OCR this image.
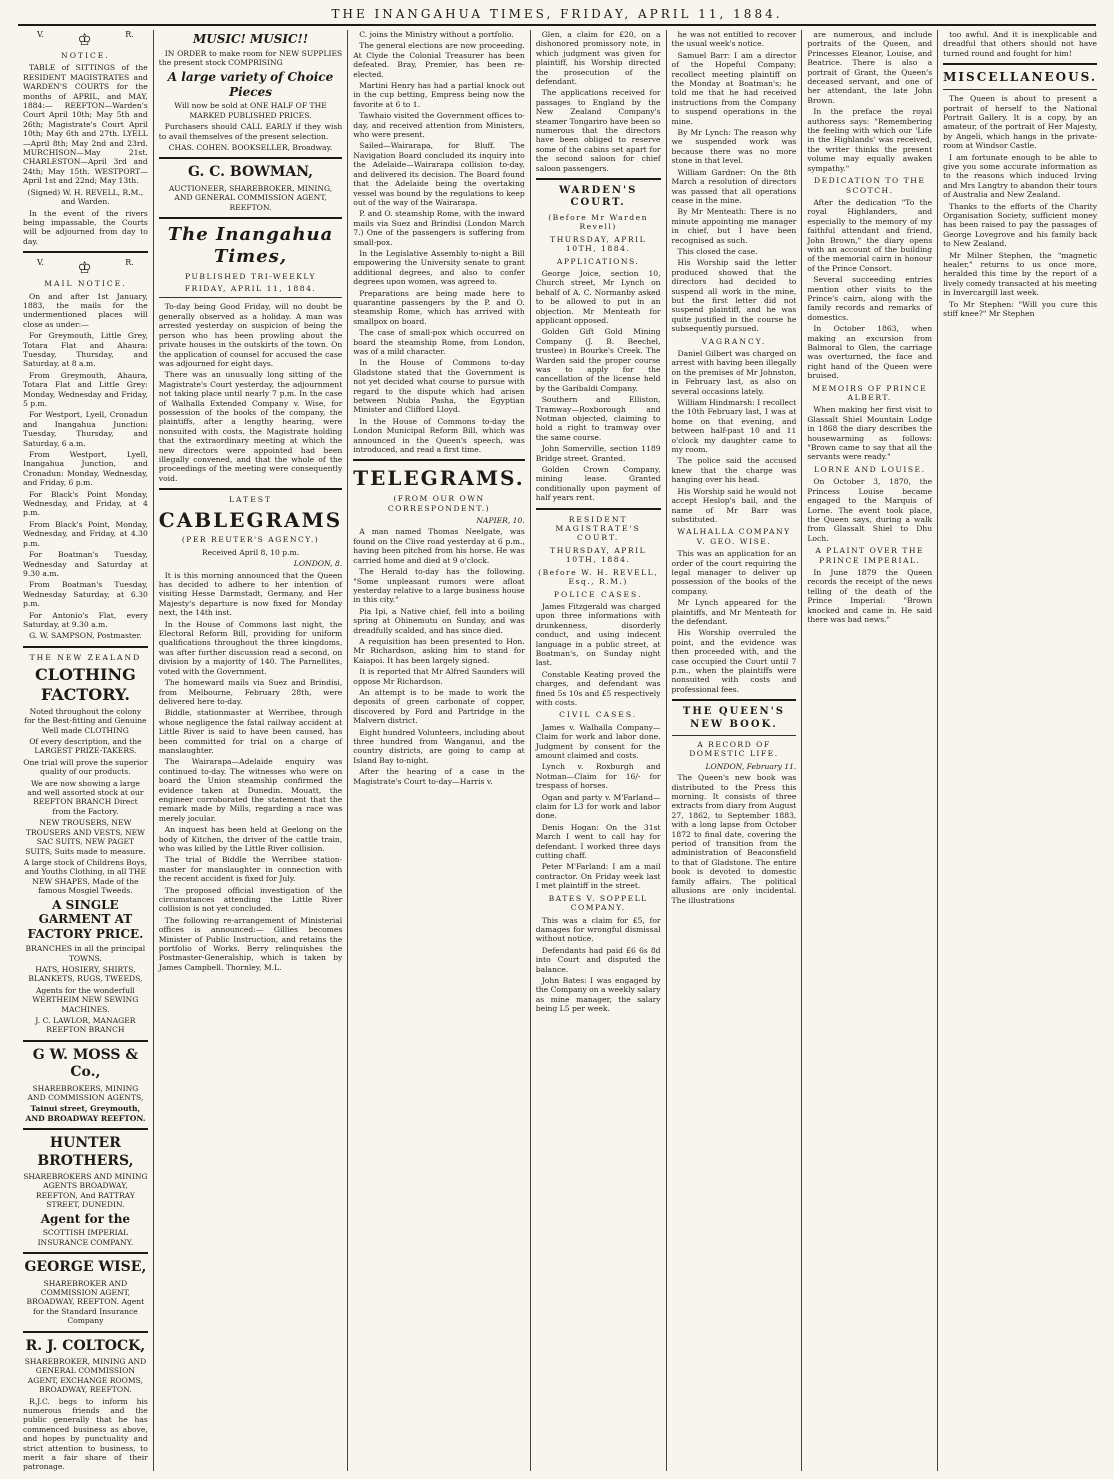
THE INANGAHUA TIMES, FRIDAY, APRIL 11, 1884.
V. ♔	R.
NOTICE.

TABLE of SITTINGS of the RESIDENT MAGISTRATES and WARDEN'S COURTS for the months of APRIL, and MAY, 1884:— REEFTON—Warden's Court April 10th; May 5th and 26th; Magistrate's Court April 10th; May 6th and 27th. LYELL—April 8th; May 2nd and 23rd. MURCHISON—May 21st. CHARLESTON—April 3rd and 24th; May 15th. WESTPORT—April 1st and 22nd; May 13th.

(Signed) W. H. REVELL, R.M., and Warden.

In the event of the rivers being impassable, the Courts will be adjourned from day to day.

V. ♔	R.
MAIL NOTICE.

On and after 1st January, 1883, the mails for the undermentioned places will close as under:—

For Greymouth, Little Grey, Totara Flat and Ahaura: Tuesday, Thursday, and Saturday, at 8 a.m.

From Greymouth, Ahaura, Totara Flat and Little Grey: Monday, Wednesday and Friday, 5 p.m.

For Westport, Lyell, Cronadun and Inangahua Junction: Tuesday, Thursday, and Saturday, 6 a.m.

From Westport, Lyell, Inangahua Junction, and Cronadun: Monday, Wednesday, and Friday, 6 p.m.

For Black's Point Monday, Wednesday, and Friday, at 4 p.m.

From Black's Point, Monday, Wednesday, and Friday, at 4.30 p.m.

For Boatman's Tuesday, Wednesday and Saturday at 9.30 a.m.

From Boatman's Tuesday, Wednesday Saturday, at 6.30 p.m.

For Antonio's Flat, every Saturday, at 9.30 a.m.

G. W. SAMPSON, Postmaster.

THE NEW ZEALAND
CLOTHING FACTORY.

Noted throughout the colony for the Best-fitting and Genuine Well made CLOTHING

Of every description, and the LARGEST PRIZE-TAKERS.

One trial will prove the superior quality of our products.

We are now showing a large and well assorted stock at our REEFTON BRANCH Direct from the Factory.

NEW TROUSERS, NEW TROUSERS AND VESTS, NEW SAC SUITS, NEW PAGET SUITS, Suits made to measure.

A large stock of Childrens Boys, and Youths Clothing, in all THE NEW SHAPES, Made of the famous Mosgiel Tweeds.

A SINGLE GARMENT AT FACTORY PRICE.

BRANCHES in all the principal TOWNS.

HATS, HOSIERY, SHIRTS, BLANKETS, RUGS, TWEEDS,

Agents for the wonderfull WERTHEIM NEW SEWING MACHINES.

J. C. LAWLOR, MANAGER REEFTON BRANCH

G W. MOSS & Co.,

SHAREBROKERS, MINING AND COMMISSION AGENTS,

Tainui street, Greymouth, AND BROADWAY REEFTON.

HUNTER BROTHERS,

SHAREBROKERS AND MINING AGENTS BROADWAY, REEFTON, And RATTRAY STREET, DUNEDIN.

Agent for the

SCOTTISH IMPERIAL INSURANCE COMPANY.

GEORGE WISE,

SHAREBROKER AND COMMISSION AGENT, BROADWAY, REEFTON. Agent for the Standard Insurance Company

R. J. COLTOCK,

SHAREBROKER, MINING AND GENERAL COMMISSION AGENT, EXCHANGE ROOMS, BROADWAY, REEFTON.

R.J.C. begs to inform his numerous friends and the public generally that he has commenced business as above, and hopes by punctuality and strict attention to business, to merit a fair share of their patronage.

MUSIC! MUSIC!!

IN ORDER to make room for NEW SUPPLIES the present stock COMPRISING

A large variety of Choice Pieces

Will now be sold at ONE HALF OF THE MARKED PUBLISHED PRICES.

Purchasers should CALL EARLY if they wish to avail themselves of the present selection.

CHAS. COHEN. BOOKSELLER, Broadway.

G. C. BOWMAN,

AUCTIONEER, SHAREBROKER, MINING, AND GENERAL COMMISSION AGENT, REEFTON.

The Inangahua Times,
PUBLISHED TRI-WEEKLY
FRIDAY, APRIL 11, 1884.

To-day being Good Friday, will no doubt be generally observed as a holiday. A man was arrested yesterday on suspicion of being the person who has been prowling about the private houses in the outskirts of the town. On the application of counsel for accused the case was adjourned for eight days.

There was an unusually long sitting of the Magistrate's Court yesterday, the adjournment not taking place until nearly 7 p.m. In the case of Walhalla Extended Company v. Wise, for possession of the books of the company, the plaintiffs, after a lengthy hearing, were nonsuited with costs, the Magistrate holding that the extraordinary meeting at which the new directors were appointed had been illegally convened, and that the whole of the proceedings of the meeting were consequently void.

LATEST
CABLEGRAMS
(PER REUTER'S AGENCY.)

Received April 8, 10 p.m.

LONDON, 8.

It is this morning announced that the Queen has decided to adhere to her intention of visiting Hesse Darmstadt, Germany, and Her Majesty's departure is now fixed for Monday next, the 14th inst.

In the House of Commons last night, the Electoral Reform Bill, providing for uniform qualifications throughout the three kingdoms, was after further discussion read a second, on division by a majority of 140. The Parnellites, voted with the Government.

The homeward mails via Suez and Brindisi, from Melbourne, February 28th, were delivered here to-day.

Biddle, stationmaster at Werribee, through whose negligence the fatal railway accident at Little River is said to have been caused, has been committed for trial on a charge of manslaughter.

The Wairarapa—Adelaide enquiry was continued to-day. The witnesses who were on board the Union steamship confirmed the evidence taken at Dunedin. Mouatt, the engineer corroborated the statement that the remark made by Mills, regarding a race was merely jocular.

An inquest has been held at Geelong on the body of Kitchen, the driver of the cattle train, who was killed by the Little River collision.

The trial of Biddle the Werribee station-master for manslaughter in connection with the recent accident is fixed for July.

The proposed official investigation of the circumstances attending the Little River collision is not yet concluded.

The following re-arrangement of Ministerial offices is announced:— Gillies becomes Minister of Public Instruction, and retains the portfolio of Works. Berry relinquishes the Postmaster-Generalship, which is taken by James Campbell. Thornley, M.L.

C. joins the Ministry without a portfolio.

The general elections are now proceeding. At Clyde the Colonial Treasurer has been defeated. Bray, Premier, has been re-elected.

Martini Henry has had a partial knock out in the cup betting, Empress being now the favorite at 6 to 1.

Tawhaio visited the Government offices to-day, and received attention from Ministers, who were present.

Sailed—Wairarapa, for Bluff. The Navigation Board concluded its inquiry into the Adelaide—Wairarapa collision to-day, and delivered its decision. The Board found that the Adelaide being the overtaking vessel was bound by the regulations to keep out of the way of the Wairarapa.

P. and O. steamship Rome, with the inward mails via Suez and Brindisi (London March 7.) One of the passengers is suffering from small-pox.

In the Legislative Assembly to-night a Bill empowering the University senate to grant additional degrees, and also to confer degrees upon women, was agreed to.

Preparations are being made here to quarantine passengers by the P. and O. steamship Rome, which has arrived with smallpox on board.

The case of small-pox which occurred on board the steamship Rome, from London, was of a mild character.

In the House of Commons to-day Gladstone stated that the Government is not yet decided what course to pursue with regard to the dispute which had arisen between Nubia Pasha, the Egyptian Minister and Clifford Lloyd.

In the House of Commons to-day the London Municipal Reform Bill, which was announced in the Queen's speech, was introduced, and read a first time.

TELEGRAMS.
(FROM OUR OWN CORRESPONDENT.)

NAPIER, 10.

A man named Thomas Neelgate, was found on the Clive road yesterday at 6 p.m., having been pitched from his horse. He was carried home and died at 9 o'clock.

The Herald to-day has the following. "Some unpleasant rumors were afloat yesterday relative to a large business house in this city."

Pia Ipi, a Native chief, fell into a boiling spring at Ohinemutu on Sunday, and was dreadfully scalded, and has since died.

A requisition has been presented to Hon. Mr Richardson, asking him to stand for Kaiapoi. It has been largely signed.

It is reported that Mr Alfred Saunders will oppose Mr Richardson.

An attempt is to be made to work the deposits of green carbonate of copper, discovered by Ford and Partridge in the Malvern district.

Eight hundred Volunteers, including about three hundred from Wanganui, and the country districts, are going to camp at Island Bay to-night.

After the hearing of a case in the Magistrate's Court to-day—Harris v.

Glen, a claim for £20, on a dishonored promissory note, in which judgment was given for plaintiff, his Worship directed the prosecution of the defendant.

The applications received for passages to England by the New Zealand Company's steamer Tongariro have been so numerous that the directors have been obliged to reserve some of the cabins set apart for the second saloon for chief saloon passengers.

WARDEN'S COURT.
(Before Mr Warden Revell)
THURSDAY, APRIL 10TH, 1884.
APPLICATIONS.

George Joice, section 10, Church street, Mr Lynch on behalf of A. C. Normanby asked to be allowed to put in an objection. Mr Menteath for applicant opposed.

Golden Gift Gold Mining Company (J. B. Beechel, trustee) in Bourke's Creek. The Warden said the proper course was to apply for the cancellation of the license held by the Garibaldi Company.

Southern and Elliston, Tramway—Roxborough and Notman objected, claiming to hold a right to tramway over the same course.

John Somerville, section 1189 Bridge street. Granted.

Golden Crown Company, mining lease. Granted conditionally upon payment of half years rent.

RESIDENT MAGISTRATE'S COURT.
THURSDAY, APRIL 10TH, 1884.
(Before W. H. REVELL, Esq., R.M.)
POLICE CASES.

James Fitzgerald was charged upon three informations with drunkenness, disorderly conduct, and using indecent language in a public street, at Boatman's, on Sunday night last.

Constable Keating proved the charges, and defendant was fined 5s 10s and £5 respectively with costs.

CIVIL CASES.

James v. Walhalla Company—Claim for work and labor done. Judgment by consent for the amount claimed and costs.

Lynch v. Roxburgh and Notman—Claim for 16/- for trespass of horses.

Ogan and party v. M'Farland—claim for L3 for work and labor done.

Denis Hogan: On the 31st March I went to call hay for defendant. I worked three days cutting chaff.

Peter M'Farland: I am a mail contractor. On Friday week last I met plaintiff in the street.

BATES V. SOPPELL COMPANY.

This was a claim for £5, for damages for wrongful dismissal without notice.

Defendants had paid £6 6s 8d into Court and disputed the balance.

John Bates: I was engaged by the Company on a weekly salary as mine manager, the salary being L5 per week.

he was not entitled to recover the usual week's notice.

Samuel Barr: I am a director of the Hopeful Company; recollect meeting plaintiff on the Monday at Boatman's; he told me that he had received instructions from the Company to suspend operations in the mine.

By Mr Lynch: The reason why we suspended work was because there was no more stone in that level.

William Gardner: On the 8th March a resolution of directors was passed that all operations cease in the mine.

By Mr Menteath: There is no minute appointing me manager in chief, but I have been recognised as such.

This closed the case.

His Worship said the letter produced showed that the directors had decided to suspend all work in the mine, but the first letter did not suspend plaintiff, and he was quite justified in the course he subsequently pursued.

VAGRANCY.

Daniel Gilbert was charged on arrest with having been illegally on the premises of Mr Johnston, in February last, as also on several occasions lately.

William Hindmarsh: I recollect the 10th February last, I was at home on that evening, and between half-past 10 and 11 o'clock my daughter came to my room.

The police said the accused knew that the charge was hanging over his head.

His Worship said he would not accept Heslop's bail, and the name of Mr Barr was substituted.

WALHALLA COMPANY V. GEO. WISE.

This was an application for an order of the court requiring the legal manager to deliver up possession of the books of the company.

Mr Lynch appeared for the plaintiffs, and Mr Menteath for the defendant.

His Worship overruled the point, and the evidence was then proceeded with, and the case occupied the Court until 7 p.m., when the plaintiffs were nonsuited with costs and professional fees.

THE QUEEN'S NEW BOOK.
A RECORD OF DOMESTIC LIFE.

LONDON, February 11.

The Queen's new book was distributed to the Press this morning. It consists of three extracts from diary from August 27, 1862, to September 1883, with a long lapse from October 1872 to final date, covering the period of transition from the administration of Beaconsfield to that of Gladstone. The entire book is devoted to domestic family affairs. The political allusions are only incidental. The illustrations

are numerous, and include portraits of the Queen, and Princesses Eleanor, Louise, and Beatrice. There is also a portrait of Grant, the Queen's deceased servant, and one of her attendant, the late John Brown.

In the preface the royal authoress says: "Remembering the feeling with which our 'Life in the Highlands' was received, the writer thinks the present volume may equally awaken sympathy."

DEDICATION TO THE SCOTCH.

After the dedication "To the royal Highlanders, and especially to the memory of my faithful attendant and friend, John Brown," the diary opens with an account of the building of the memorial cairn in honour of the Prince Consort.

Several succeeding entries mention other visits to the Prince's cairn, along with the family records and remarks of domestics.

In October 1863, when making an excursion from Balmoral to Glen, the carriage was overturned, the face and right hand of the Queen were bruised.

MEMOIRS OF PRINCE ALBERT.

When making her first visit to Glassalt Shiel Mountain Lodge in 1868 the diary describes the housewarming as follows: "Brown came to say that all the servants were ready."

LORNE AND LOUISE.

On October 3, 1870, the Princess Louise became engaged to the Marquis of Lorne. The event took place, the Queen says, during a walk from Glassalt Shiel to Dhu Loch.

A PLAINT OVER THE PRINCE IMPERIAL.

In June 1879 the Queen records the receipt of the news telling of the death of the Prince Imperial: "Brown knocked and came in. He said there was bad news."

too awful. And it is inexplicable and dreadful that others should not have turned round and fought for him!

MISCELLANEOUS.

The Queen is about to present a portrait of herself to the National Portrait Gallery. It is a copy, by an amateur, of the portrait of Her Majesty, by Angeli, which hangs in the private-room at Windsor Castle.

I am fortunate enough to be able to give you some accurate information as to the reasons which induced Irving and Mrs Langtry to abandon their tours of Australia and New Zealand.

Thanks to the efforts of the Charity Organisation Society, sufficient money has been raised to pay the passages of George Lovegrove and his family back to New Zealand.

Mr Milner Stephen, the "magnetic healer," returns to us once more, heralded this time by the report of a lively comedy transacted at his meeting in Invercargill last week.

To Mr Stephen: "Will you cure this stiff knee?" Mr Stephen
